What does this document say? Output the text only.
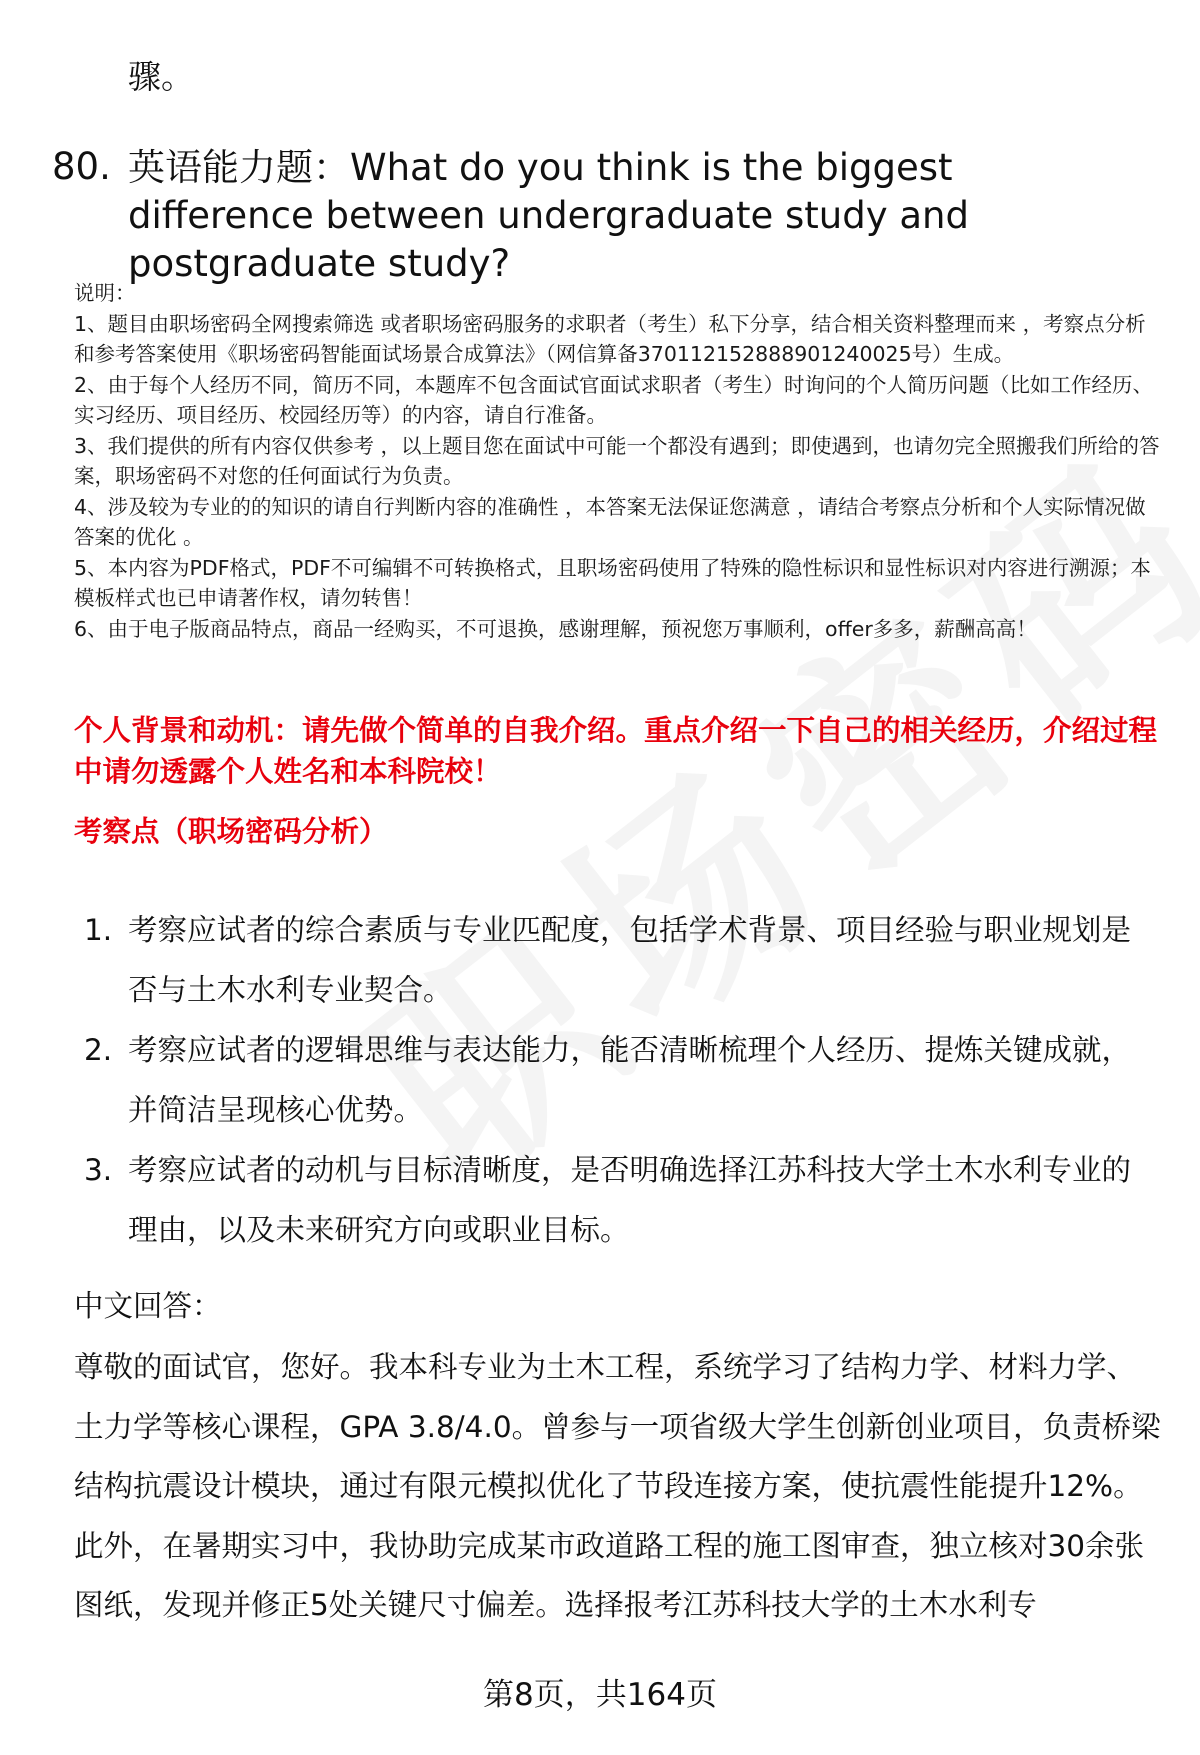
骤。
80. 英语能力题：What do you think is the biggest difference between undergraduate study and postgraduate study?
说明：
1、题目由职场密码全网搜索筛选 或者职场密码服务的求职者（考生）私下分享，结合相关资料整理而来 ，考察点分析和参考答案使用《职场密码智能面试场景合成算法》（网信算备370112152888901240025号）生成。
2、由于每个人经历不同，简历不同，本题库不包含面试官面试求职者（考生）时询问的个人简历问题（比如工作经历、实习经历、项目经历、校园经历等）的内容，请自行准备。
3、我们提供的所有内容仅供参考 ，以上题目您在面试中可能一个都没有遇到；即使遇到，也请勿完全照搬我们所给的答案，职场密码不对您的任何面试行为负责。
4、涉及较为专业的的知识的请自行判断内容的准确性 ，本答案无法保证您满意 ，请结合考察点分析和个人实际情况做答案的优化 。
5、本内容为PDF格式，PDF不可编辑不可转换格式，且职场密码使用了特殊的隐性标识和显性标识对内容进行溯源；本模板样式也已申请著作权，请勿转售！
6、由于电子版商品特点，商品一经购买，不可退换，感谢理解，预祝您万事顺利，offer多多，薪酬高高！
个人背景和动机：请先做个简单的自我介绍。重点介绍一下自己的相关经历，介绍过程中请勿透露个人姓名和本科院校！
考察点（职场密码分析）
1. 考察应试者的综合素质与专业匹配度，包括学术背景、项目经验与职业规划是否与土木水利专业契合。
2. 考察应试者的逻辑思维与表达能力，能否清晰梳理个人经历、提炼关键成就，并简洁呈现核心优势。
3. 考察应试者的动机与目标清晰度，是否明确选择江苏科技大学土木水利专业的理由，以及未来研究方向或职业目标。
中文回答：
尊敬的面试官，您好。我本科专业为土木工程，系统学习了结构力学、材料力学、土力学等核心课程，GPA 3.8/4.0。曾参与一项省级大学生创新创业项目，负责桥梁结构抗震设计模块，通过有限元模拟优化了节段连接方案，使抗震性能提升12%。此外，在暑期实习中，我协助完成某市政道路工程的施工图审查，独立核对30余张图纸，发现并修正5处关键尺寸偏差。选择报考江苏科技大学的土木水利专
第8页，共164页
